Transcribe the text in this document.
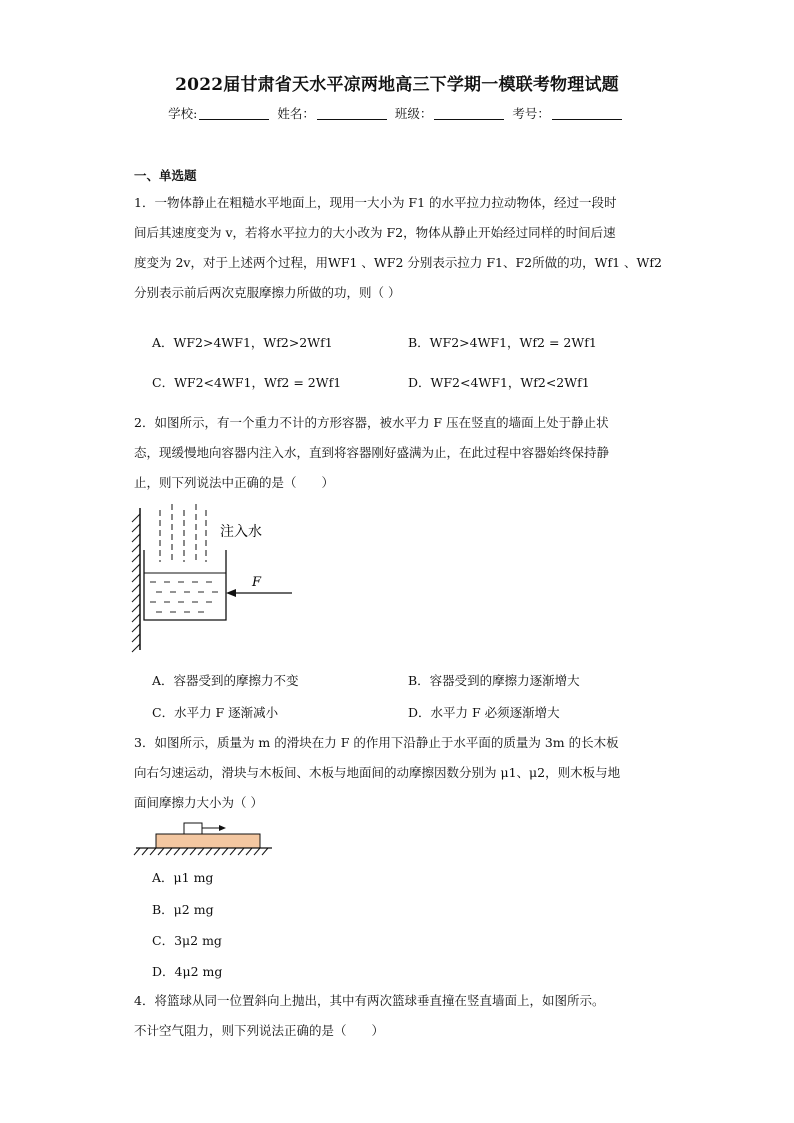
2022届甘肃省天水平凉两地高三下学期一模联考物理试题
学校:	姓名：	班级：	考号：
一、单选题
1．一物体静止在粗糙水平地面上，现用一大小为 F1 的水平拉力拉动物体，经过一段时
间后其速度变为 v，若将水平拉力的大小改为 F2，物体从静止开始经过同样的时间后速
度变为 2v，对于上述两个过程，用WF1 、WF2 分别表示拉力 F1、F2所做的功，Wf1 、Wf2
分别表示前后两次克服摩擦力所做的功，则（ ）
A．WF2>4WF1，Wf2>2Wf1	B．WF2>4WF1，Wf2 = 2Wf1
C．WF2<4WF1，Wf2 = 2Wf1	D．WF2<4WF1，Wf2<2Wf1
2．如图所示，有一个重力不计的方形容器，被水平力 F 压在竖直的墙面上处于静止状
态，现缓慢地向容器内注入水，直到将容器刚好盛满为止，在此过程中容器始终保持静
止，则下列说法中正确的是（　　）
注入水
F
A．容器受到的摩擦力不变	B．容器受到的摩擦力逐渐增大
C．水平力 F 逐渐减小	D．水平力 F 必须逐渐增大
3．如图所示，质量为 m 的滑块在力 F 的作用下沿静止于水平面的质量为 3m 的长木板
向右匀速运动，滑块与木板间、木板与地面间的动摩擦因数分别为 μ1、μ2，则木板与地
面间摩擦力大小为（ ）
A．μ1 mg
B．μ2 mg
C．3μ2 mg
D．4μ2 mg
4．将篮球从同一位置斜向上抛出，其中有两次篮球垂直撞在竖直墙面上，如图所示。
不计空气阻力，则下列说法正确的是（　　）
